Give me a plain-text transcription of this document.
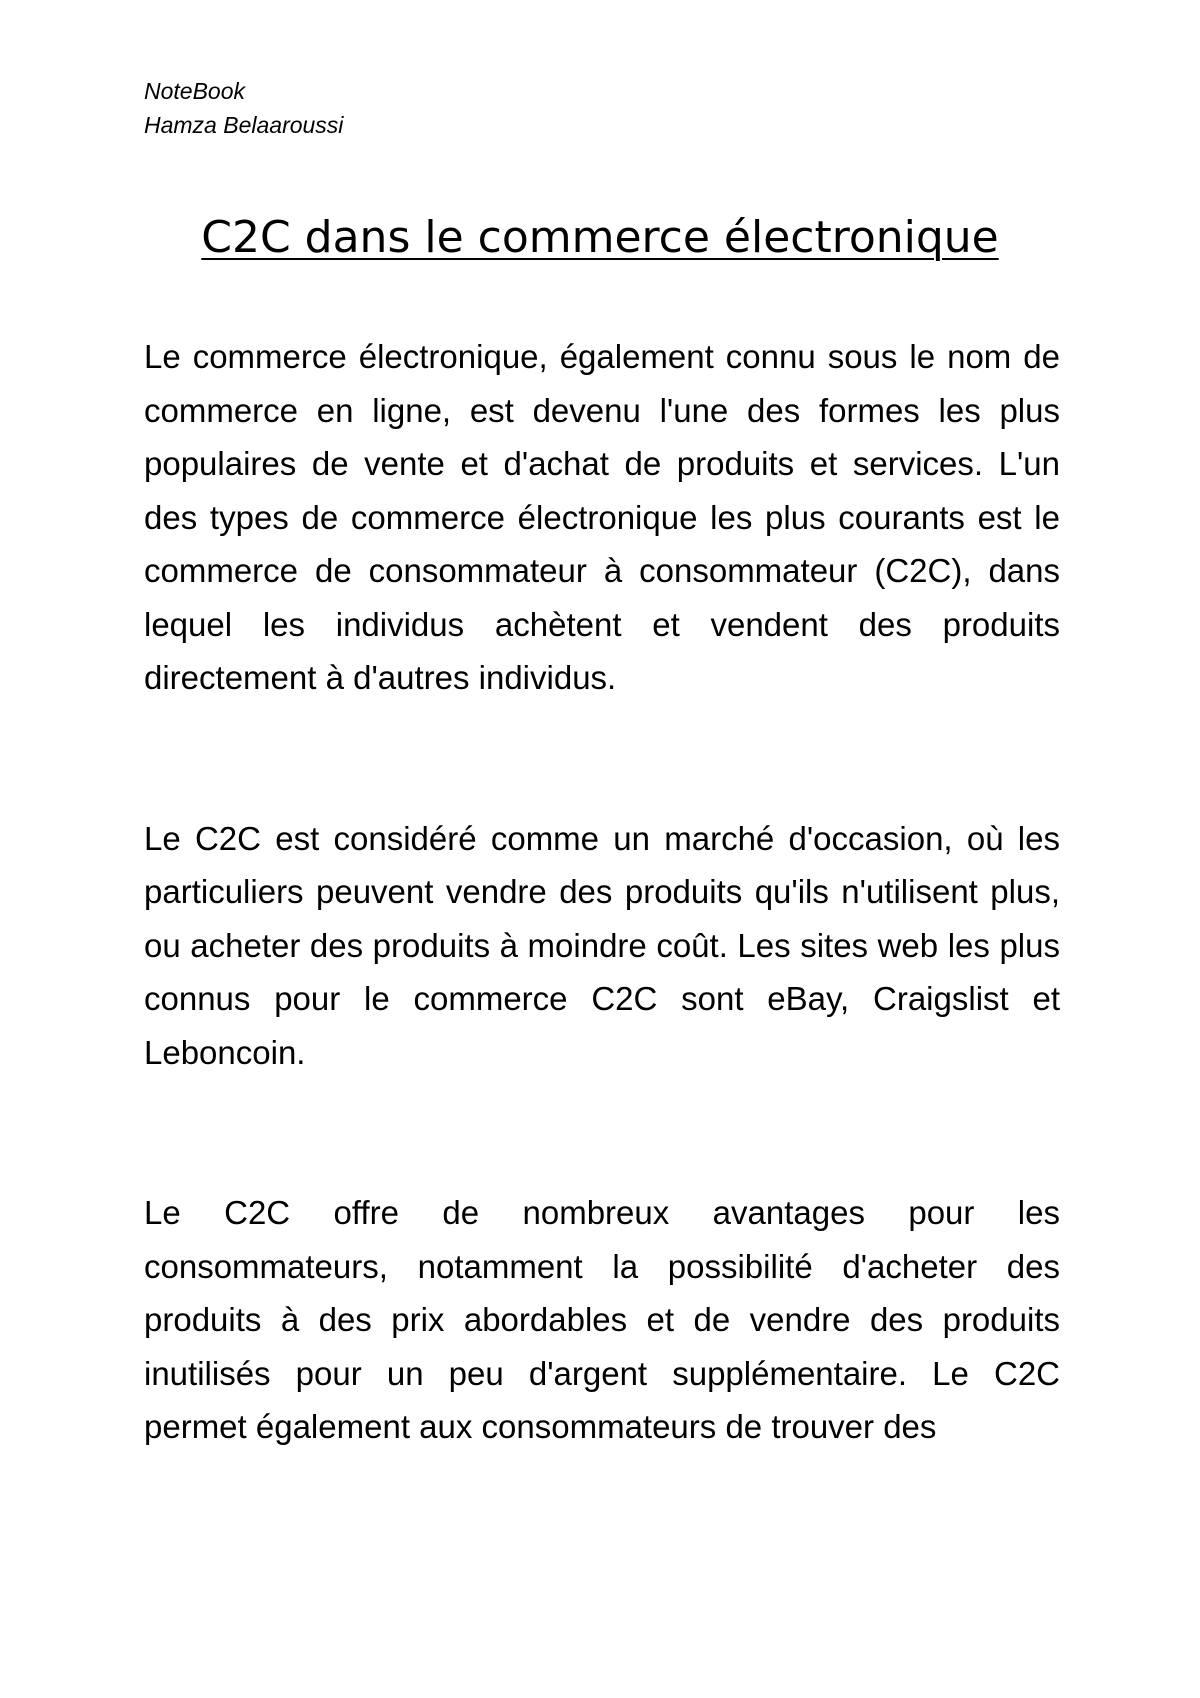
NoteBook
Hamza Belaaroussi
C2C dans le commerce électronique

Le commerce électronique, également connu sous le nom de commerce en ligne, est devenu l'une des formes les plus populaires de vente et d'achat de produits et services. L'un des types de commerce électronique les plus courants est le commerce de consommateur à consommateur (C2C), dans lequel les individus achètent et vendent des produits directement à d'autres individus.

Le C2C est considéré comme un marché d'occasion, où les particuliers peuvent vendre des produits qu'ils n'utilisent plus, ou acheter des produits à moindre coût. Les sites web les plus connus pour le commerce C2C sont eBay, Craigslist et Leboncoin.

Le C2C offre de nombreux avantages pour les consommateurs, notamment la possibilité d'acheter des produits à des prix abordables et de vendre des produits inutilisés pour un peu d'argent supplémentaire. Le C2C permet également aux consommateurs de trouver des
